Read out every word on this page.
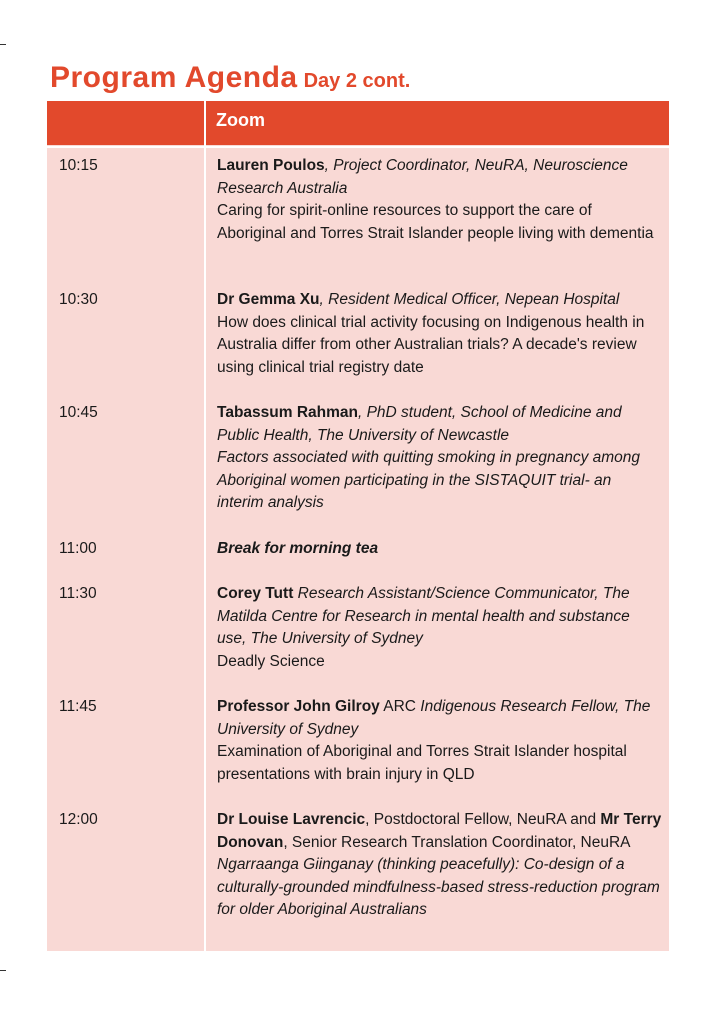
Program Agenda Day 2 cont.
Zoom
10:15	Lauren Poulos, Project Coordinator, NeuRA, Neuroscience Research Australia

Caring for spirit-online resources to support the care of Aboriginal and Torres Strait Islander people living with dementia

10:30	Dr Gemma Xu, Resident Medical Officer, Nepean Hospital

How does clinical trial activity focusing on Indigenous health in Australia differ from other Australian trials? A decade's review using clinical trial registry date

10:45	Tabassum Rahman, PhD student, School of Medicine and Public Health, The University of Newcastle

Factors associated with quitting smoking in pregnancy among Aboriginal women participating in the SISTAQUIT trial- an interim analysis

11:00	Break for morning tea

11:30	Corey Tutt Research Assistant/Science Communicator, The Matilda Centre for Research in mental health and substance use, The University of Sydney

Deadly Science

11:45	Professor John Gilroy ARC Indigenous Research Fellow, The University of Sydney

Examination of Aboriginal and Torres Strait Islander hospital presentations with brain injury in QLD

12:00	Dr Louise Lavrencic, Postdoctoral Fellow, NeuRA and Mr Terry Donovan, Senior Research Translation Coordinator, NeuRA

Ngarraanga Giinganay (thinking peacefully): Co-design of a culturally-grounded mindfulness-based stress-reduction program for older Aboriginal Australians
